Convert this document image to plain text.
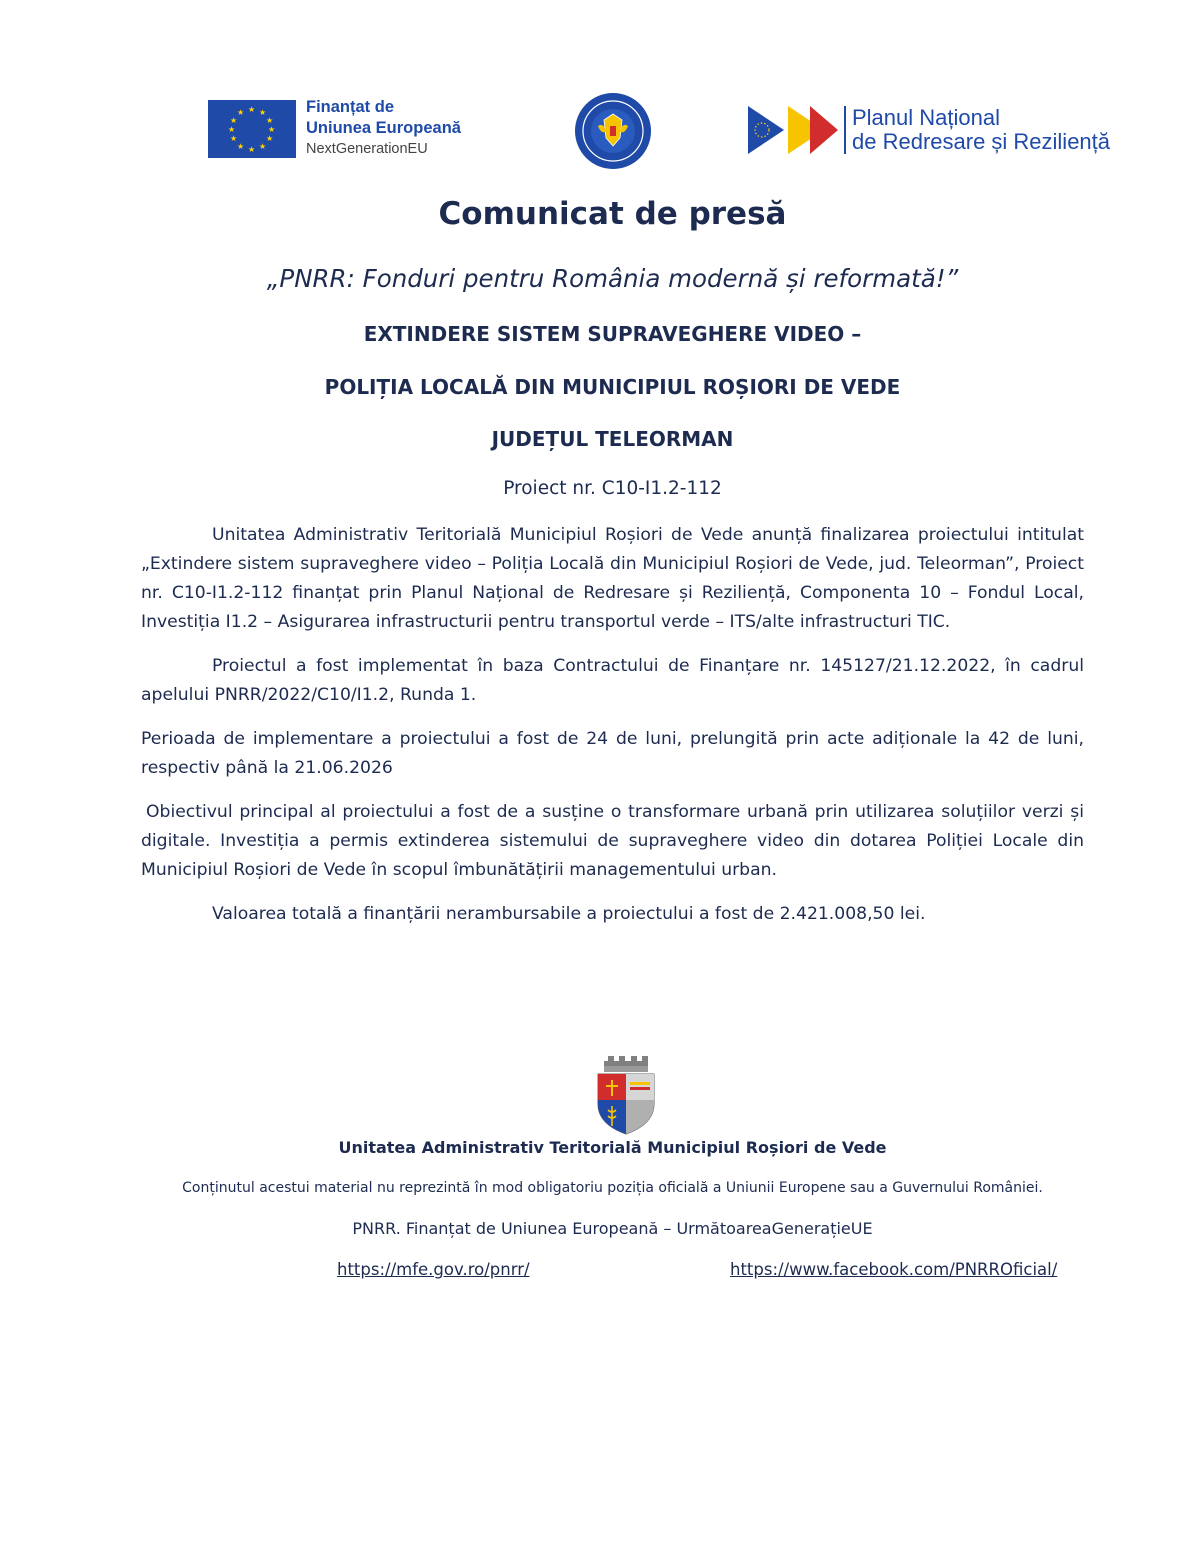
★ ★
★
★
★
★
★
★
★
★
★
★	Finanțat de
Uniunea Europeană
NextGenerationEU
Planul Național
de Redresare și Reziliență
Comunicat de presă
„PNRR: Fonduri pentru România modernă și reformată!”
EXTINDERE SISTEM SUPRAVEGHERE VIDEO –
POLIȚIA LOCALĂ DIN MUNICIPIUL ROȘIORI DE VEDE
JUDEȚUL TELEORMAN
Proiect nr. C10-I1.2-112

Unitatea Administrativ Teritorială Municipiul Roșiori de Vede anunță finalizarea proiectului intitulat „Extindere sistem supraveghere video – Poliția Locală din Municipiul Roșiori de Vede, jud. Teleorman”, Proiect nr. C10-I1.2-112 finanțat prin Planul Național de Redresare și Reziliență, Componenta 10 – Fondul Local, Investiția I1.2 – Asigurarea infrastructurii pentru transportul verde – ITS/alte infrastructuri TIC.

Proiectul a fost implementat în baza Contractului de Finanțare nr. 145127/21.12.2022, în cadrul apelului PNRR/2022/C10/I1.2, Runda 1.

Perioada de implementare a proiectului a fost de 24 de luni, prelungită prin acte adiționale la 42 de luni, respectiv până la 21.06.2026

Obiectivul principal al proiectului a fost de a susține o transformare urbană prin utilizarea soluțiilor verzi și digitale. Investiția a permis extinderea sistemului de supraveghere video din dotarea Poliției Locale din Municipiul Roșiori de Vede în scopul îmbunătățirii managementului urban.

Valoarea totală a finanțării nerambursabile a proiectului a fost de 2.421.008,50 lei.

Unitatea Administrativ Teritorială Municipiul Roșiori de Vede
Conținutul acestui material nu reprezintă în mod obligatoriu poziția oficială a Uniunii Europene sau a Guvernului României.
PNRR. Finanțat de Uniunea Europeană – UrmătoareaGenerațieUE
https://mfe.gov.ro/pnrr/	https://www.facebook.com/PNRROficial/
